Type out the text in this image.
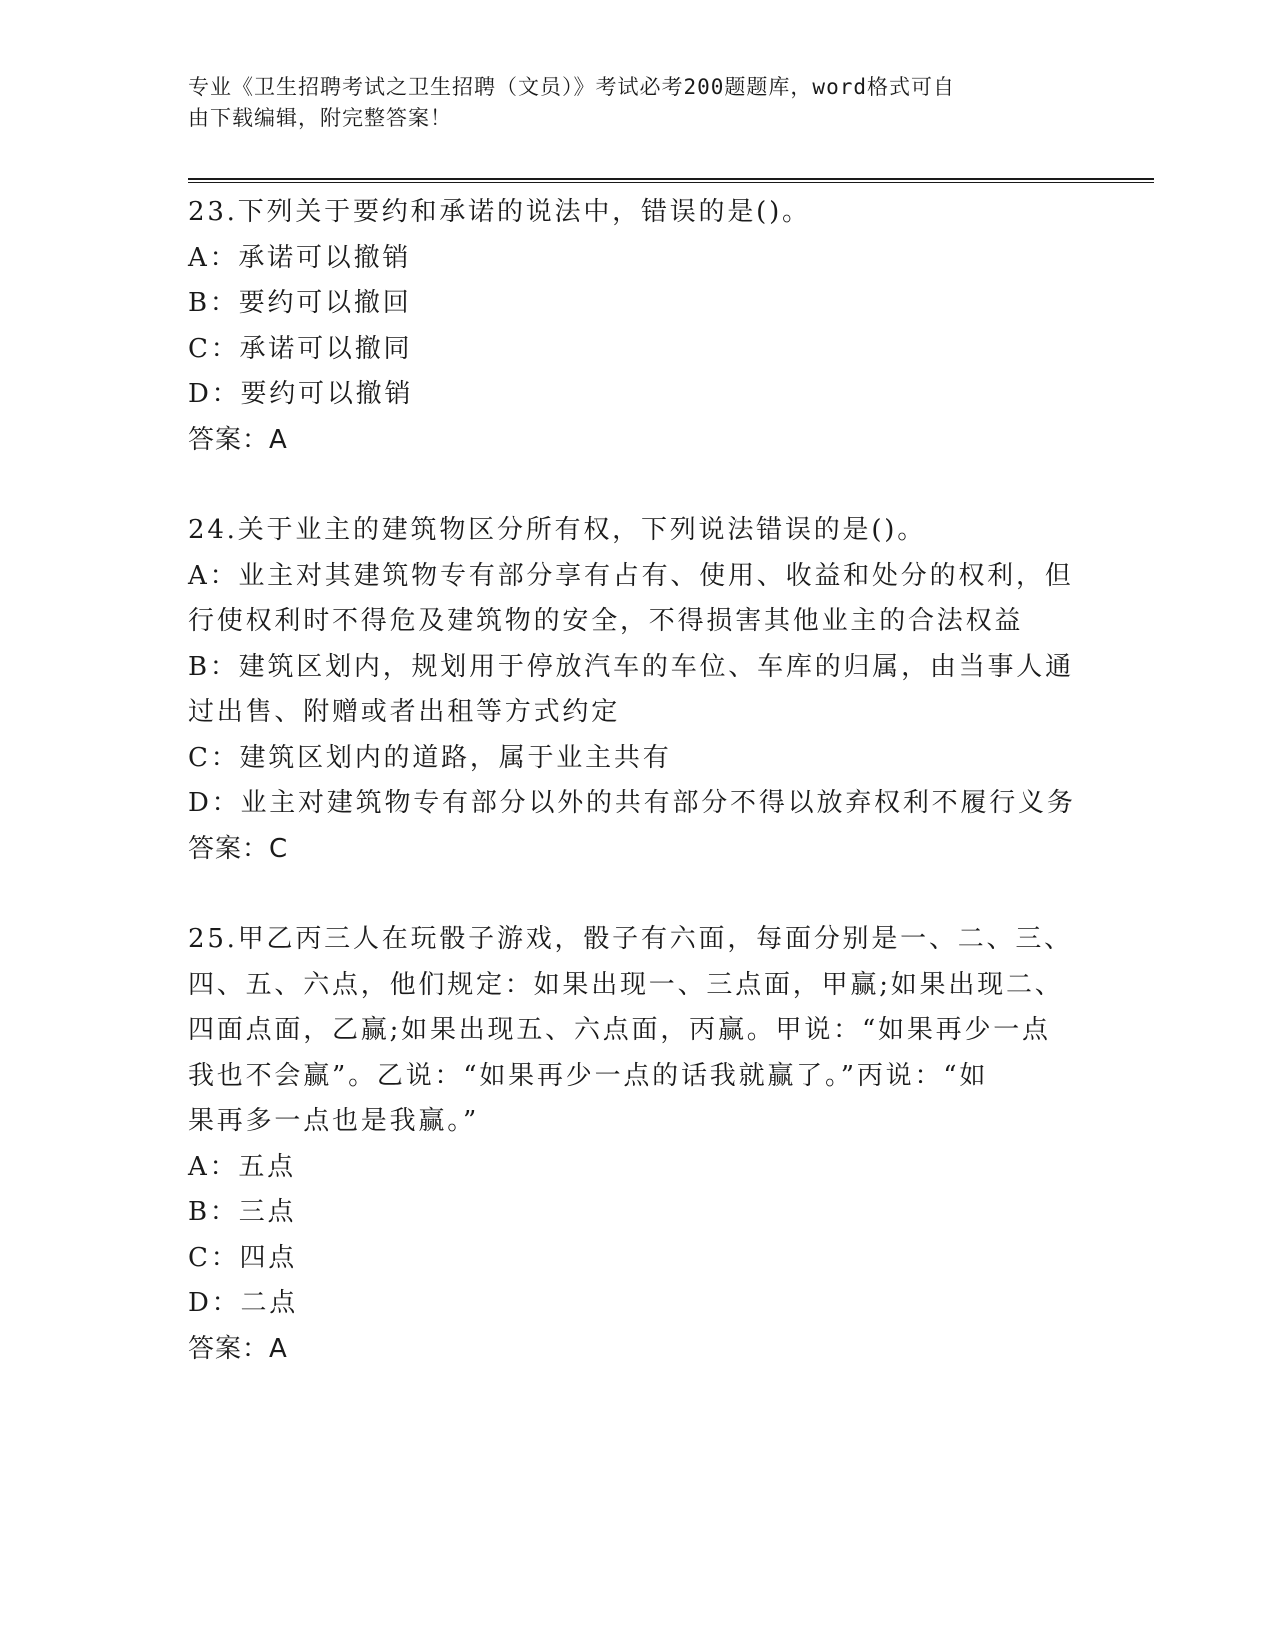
专业《卫生招聘考试之卫生招聘（文员）》考试必考200题题库，word格式可自
由下载编辑，附完整答案！
23.下列关于要约和承诺的说法中，错误的是()。
A：承诺可以撤销
B：要约可以撤回
C：承诺可以撤同
D：要约可以撤销
答案：A
24.关于业主的建筑物区分所有权，下列说法错误的是()。
A：业主对其建筑物专有部分享有占有、使用、收益和处分的权利，但
行使权利时不得危及建筑物的安全，不得损害其他业主的合法权益
B：建筑区划内，规划用于停放汽车的车位、车库的归属，由当事人通
过出售、附赠或者出租等方式约定
C：建筑区划内的道路，属于业主共有
D：业主对建筑物专有部分以外的共有部分不得以放弃权利不履行义务
答案：C
25.甲乙丙三人在玩骰子游戏，骰子有六面，每面分别是一、二、三、
四、五、六点，他们规定：如果出现一、三点面，甲赢;如果出现二、
四面点面，乙赢;如果出现五、六点面，丙赢。甲说：“如果再少一点
我也不会赢”。乙说：“如果再少一点的话我就赢了。”丙说：“如
果再多一点也是我赢。”
A：五点
B：三点
C：四点
D：二点
答案：A
